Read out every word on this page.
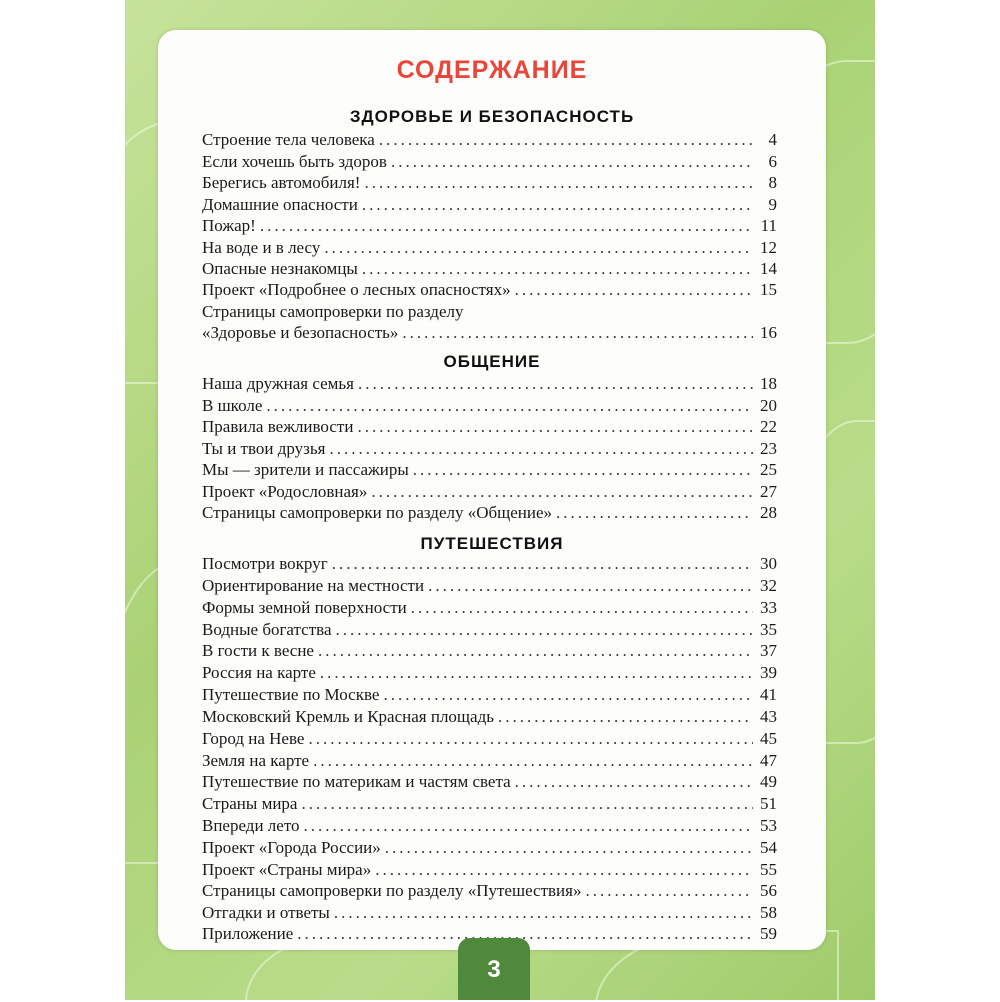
СОДЕРЖАНИЕ
ЗДОРОВЬЕ И БЕЗОПАСНОСТЬ
Строение тела человека .....	4
Если хочешь быть здоров .....	6
Берегись автомобиля! .....	8
Домашние опасности .....	9
Пожар! .....	11
На воде и в лесу .....	12
Опасные незнакомцы .....	14
Проект «Подробнее о лесных опасностях» .....	15
Страницы самопроверки по разделу
«Здоровье и безопасность» .....	16
ОБЩЕНИЕ
Наша дружная семья .....	18
В школе .....	20
Правила вежливости .....	22
Ты и твои друзья .....	23
Мы — зрители и пассажиры .....	25
Проект «Родословная» .....	27
Страницы самопроверки по разделу «Общение» .....	28
ПУТЕШЕСТВИЯ
Посмотри вокруг .....	30
Ориентирование на местности .....	32
Формы земной поверхности .....	33
Водные богатства .....	35
В гости к весне .....	37
Россия на карте .....	39
Путешествие по Москве .....	41
Московский Кремль и Красная площадь .....	43
Город на Неве .....	45
Земля на карте .....	47
Путешествие по материкам и частям света .....	49
Страны мира .....	51
Впереди лето .....	53
Проект «Города России» .....	54
Проект «Страны мира» .....	55
Страницы самопроверки по разделу «Путешествия» .....	56
Отгадки и ответы .....	58
Приложение .....	59
3
